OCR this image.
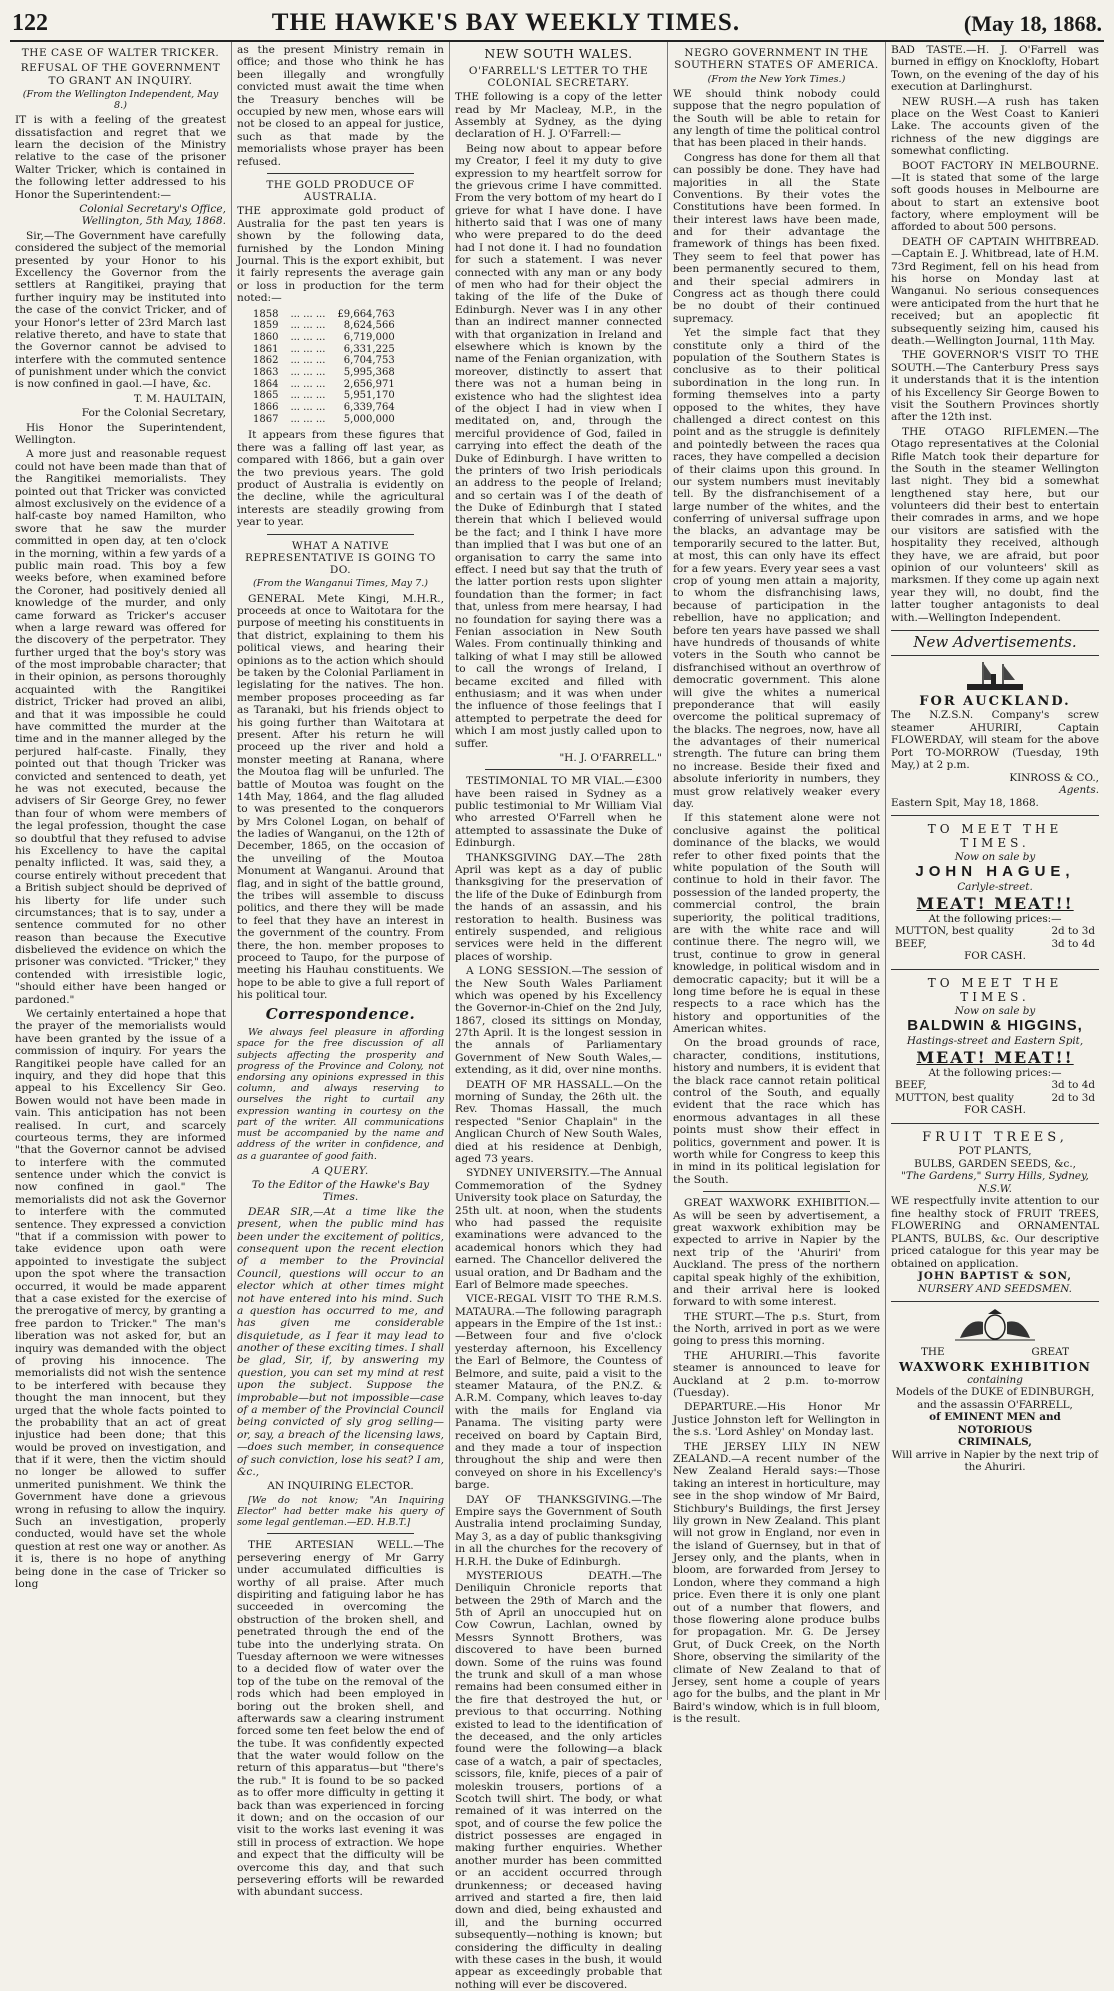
122	THE HAWKE'S BAY WEEKLY TIMES.	(May 18, 1868.
THE CASE OF WALTER TRICKER.
REFUSAL OF THE GOVERNMENT TO GRANT AN INQUIRY.
(From the Wellington Independent, May 8.)

IT is with a feeling of the greatest dissatisfaction and regret that we learn the decision of the Ministry relative to the case of the prisoner Walter Tricker, which is contained in the following letter addressed to his Honor the Superintendent:—

Colonial Secretary's Office, Wellington, 5th May, 1868.

Sir,—The Government have carefully considered the subject of the memorial presented by your Honor to his Excellency the Governor from the settlers at Rangitikei, praying that further inquiry may be instituted into the case of the convict Tricker, and of your Honor's letter of 23rd March last relative thereto, and have to state that the Governor cannot be advised to interfere with the commuted sentence of punishment under which the convict is now confined in gaol.—I have, &c.

T. M. HAULTAIN,

For the Colonial Secretary,

His Honor the Superintendent, Wellington.

A more just and reasonable request could not have been made than that of the Rangitikei memorialists. They pointed out that Tricker was convicted almost exclusively on the evidence of a half-caste boy named Hamilton, who swore that he saw the murder committed in open day, at ten o'clock in the morning, within a few yards of a public main road. This boy a few weeks before, when examined before the Coroner, had positively denied all knowledge of the murder, and only came forward as Tricker's accuser when a large reward was offered for the discovery of the perpetrator. They further urged that the boy's story was of the most improbable character; that in their opinion, as persons thoroughly acquainted with the Rangitikei district, Tricker had proved an alibi, and that it was impossible he could have committed the murder at the time and in the manner alleged by the perjured half-caste. Finally, they pointed out that though Tricker was convicted and sentenced to death, yet he was not executed, because the advisers of Sir George Grey, no fewer than four of whom were members of the legal profession, thought the case so doubtful that they refused to advise his Excellency to have the capital penalty inflicted. It was, said they, a course entirely without precedent that a British subject should be deprived of his liberty for life under such circumstances; that is to say, under a sentence commuted for no other reason than because the Executive disbelieved the evidence on which the prisoner was convicted. "Tricker," they contended with irresistible logic, "should either have been hanged or pardoned."

We certainly entertained a hope that the prayer of the memorialists would have been granted by the issue of a commission of inquiry. For years the Rangitikei people have called for an inquiry, and they did hope that this appeal to his Excellency Sir Geo. Bowen would not have been made in vain. This anticipation has not been realised. In curt, and scarcely courteous terms, they are informed "that the Governor cannot be advised to interfere with the commuted sentence under which the convict is now confined in gaol." The memorialists did not ask the Governor to interfere with the commuted sentence. They expressed a conviction "that if a commission with power to take evidence upon oath were appointed to investigate the subject upon the spot where the transaction occurred, it would be made apparent that a case existed for the exercise of the prerogative of mercy, by granting a free pardon to Tricker." The man's liberation was not asked for, but an inquiry was demanded with the object of proving his innocence. The memorialists did not wish the sentence to be interfered with because they thought the man innocent, but they urged that the whole facts pointed to the probability that an act of great injustice had been done; that this would be proved on investigation, and that if it were, then the victim should no longer be allowed to suffer unmerited punishment. We think the Government have done a grievous wrong in refusing to allow the inquiry. Such an investigation, properly conducted, would have set the whole question at rest one way or another. As it is, there is no hope of anything being done in the case of Tricker so long

as the present Ministry remain in office; and those who think he has been illegally and wrongfully convicted must await the time when the Treasury benches will be occupied by new men, whose ears will not be closed to an appeal for justice, such as that made by the memorialists whose prayer has been refused.

THE GOLD PRODUCE OF AUSTRALIA.

THE approximate gold product of Australia for the past ten years is shown by the following data, furnished by the London Mining Journal. This is the export exhibit, but it fairly represents the average gain or loss in production for the term noted:—

1858	... ... ...	£9,664,763
1859	... ... ...	8,624,566
1860	... ... ...	6,719,000
1861	... ... ...	6,331,225
1862	... ... ...	6,704,753
1863	... ... ...	5,995,368
1864	... ... ...	2,656,971
1865	... ... ...	5,951,170
1866	... ... ...	6,339,764
1867	... ... ...	5,000,000

It appears from these figures that there was a falling off last year, as compared with 1866, but a gain over the two previous years. The gold product of Australia is evidently on the decline, while the agricultural interests are steadily growing from year to year.

WHAT A NATIVE REPRESENTATIVE IS GOING TO DO.
(From the Wanganui Times, May 7.)

GENERAL Mete Kingi, M.H.R., proceeds at once to Waitotara for the purpose of meeting his constituents in that district, explaining to them his political views, and hearing their opinions as to the action which should be taken by the Colonial Parliament in legislating for the natives. The hon. member proposes proceeding as far as Taranaki, but his friends object to his going further than Waitotara at present. After his return he will proceed up the river and hold a monster meeting at Ranana, where the Moutoa flag will be unfurled. The battle of Moutoa was fought on the 14th May, 1864, and the flag alluded to was presented to the conquerors by Mrs Colonel Logan, on behalf of the ladies of Wanganui, on the 12th of December, 1865, on the occasion of the unveiling of the Moutoa Monument at Wanganui. Around that flag, and in sight of the battle ground, the tribes will assemble to discuss politics, and there they will be made to feel that they have an interest in the government of the country. From there, the hon. member proposes to proceed to Taupo, for the purpose of meeting his Hauhau constituents. We hope to be able to give a full report of his political tour.

Correspondence.

We always feel pleasure in affording space for the free discussion of all subjects affecting the prosperity and progress of the Province and Colony, not endorsing any opinions expressed in this column, and always reserving to ourselves the right to curtail any expression wanting in courtesy on the part of the writer. All communications must be accompanied by the name and address of the writer in confidence, and as a guarantee of good faith.

A QUERY.

To the Editor of the Hawke's Bay Times.

DEAR SIR,—At a time like the present, when the public mind has been under the excitement of politics, consequent upon the recent election of a member to the Provincial Council, questions will occur to an elector which at other times might not have entered into his mind. Such a question has occurred to me, and has given me considerable disquietude, as I fear it may lead to another of these exciting times. I shall be glad, Sir, if, by answering my question, you can set my mind at rest upon the subject. Suppose the improbable—but not impossible—case of a member of the Provincial Council being convicted of sly grog selling—or, say, a breach of the licensing laws,—does such member, in consequence of such conviction, lose his seat? I am, &c.,

AN INQUIRING ELECTOR.

[We do not know; "An Inquiring Elector" had better make his query of some legal gentleman.—ED. H.B.T.]

THE ARTESIAN WELL.—The persevering energy of Mr Garry under accumulated difficulties is worthy of all praise. After much dispiriting and fatiguing labor he has succeeded in overcoming the obstruction of the broken shell, and penetrated through the end of the tube into the underlying strata. On Tuesday afternoon we were witnesses to a decided flow of water over the top of the tube on the removal of the rods which had been employed in boring out the broken shell, and afterwards saw a clearing instrument forced some ten feet below the end of the tube. It was confidently expected that the water would follow on the return of this apparatus—but "there's the rub." It is found to be so packed as to offer more difficulty in getting it back than was experienced in forcing it down; and on the occasion of our visit to the works last evening it was still in process of extraction. We hope and expect that the difficulty will be overcome this day, and that such persevering efforts will be rewarded with abundant success.

NEW SOUTH WALES.
O'FARRELL'S LETTER TO THE COLONIAL SECRETARY.

THE following is a copy of the letter read by Mr Macleay, M.P., in the Assembly at Sydney, as the dying declaration of H. J. O'Farrell:—

Being now about to appear before my Creator, I feel it my duty to give expression to my heartfelt sorrow for the grievous crime I have committed. From the very bottom of my heart do I grieve for what I have done. I have hitherto said that I was one of many who were prepared to do the deed had I not done it. I had no foundation for such a statement. I was never connected with any man or any body of men who had for their object the taking of the life of the Duke of Edinburgh. Never was I in any other than an indirect manner connected with that organization in Ireland and elsewhere which is known by the name of the Fenian organization, with moreover, distinctly to assert that there was not a human being in existence who had the slightest idea of the object I had in view when I meditated on, and, through the merciful providence of God, failed in carrying into effect the death of the Duke of Edinburgh. I have written to the printers of two Irish periodicals an address to the people of Ireland; and so certain was I of the death of the Duke of Edinburgh that I stated therein that which I believed would be the fact; and I think I have more than implied that I was but one of an organisation to carry the same into effect. I need but say that the truth of the latter portion rests upon slighter foundation than the former; in fact that, unless from mere hearsay, I had no foundation for saying there was a Fenian association in New South Wales. From continually thinking and talking of what I may still be allowed to call the wrongs of Ireland, I became excited and filled with enthusiasm; and it was when under the influence of those feelings that I attempted to perpetrate the deed for which I am most justly called upon to suffer.

"H. J. O'FARRELL."

TESTIMONIAL TO MR VIAL.—£300 have been raised in Sydney as a public testimonial to Mr William Vial who arrested O'Farrell when he attempted to assassinate the Duke of Edinburgh.

THANKSGIVING DAY.—The 28th April was kept as a day of public thanksgiving for the preservation of the life of the Duke of Edinburgh from the hands of an assassin, and his restoration to health. Business was entirely suspended, and religious services were held in the different places of worship.

A LONG SESSION.—The session of the New South Wales Parliament which was opened by his Excellency the Governor-in-Chief on the 2nd July, 1867, closed its sittings on Monday, 27th April. It is the longest session in the annals of Parliamentary Government of New South Wales,—extending, as it did, over nine months.

DEATH OF MR HASSALL.—On the morning of Sunday, the 26th ult. the Rev. Thomas Hassall, the much respected "Senior Chaplain" in the Anglican Church of New South Wales, died at his residence at Denbigh, aged 73 years.

SYDNEY UNIVERSITY.—The Annual Commemoration of the Sydney University took place on Saturday, the 25th ult. at noon, when the students who had passed the requisite examinations were advanced to the academical honors which they had earned. The Chancellor delivered the usual oration, and Dr Badham and the Earl of Belmore made speeches.

VICE-REGAL VISIT TO THE R.M.S. MATAURA.—The following paragraph appears in the Empire of the 1st inst.:—Between four and five o'clock yesterday afternoon, his Excellency the Earl of Belmore, the Countess of Belmore, and suite, paid a visit to the steamer Mataura, of the P.N.Z. & A.R.M. Company, which leaves to-day with the mails for England via Panama. The visiting party were received on board by Captain Bird, and they made a tour of inspection throughout the ship and were then conveyed on shore in his Excellency's barge.

DAY OF THANKSGIVING.—The Empire says the Government of South Australia intend proclaiming Sunday, May 3, as a day of public thanksgiving in all the churches for the recovery of H.R.H. the Duke of Edinburgh.

MYSTERIOUS DEATH.—The Deniliquin Chronicle reports that between the 29th of March and the 5th of April an unoccupied hut on Cow Cowrun, Lachlan, owned by Messrs Synnott Brothers, was discovered to have been burned down. Some of the ruins was found the trunk and skull of a man whose remains had been consumed either in the fire that destroyed the hut, or previous to that occurring. Nothing existed to lead to the identification of the deceased, and the only articles found were the following—a black case of a watch, a pair of spectacles, scissors, file, knife, pieces of a pair of moleskin trousers, portions of a Scotch twill shirt. The body, or what remained of it was interred on the spot, and of course the few police the district possesses are engaged in making further enquiries. Whether another murder has been committed or an accident occurred through drunkenness; or deceased having arrived and started a fire, then laid down and died, being exhausted and ill, and the burning occurred subsequently—nothing is known; but considering the difficulty in dealing with these cases in the bush, it would appear as exceedingly probable that nothing will ever be discovered.

NEGRO GOVERNMENT IN THE SOUTHERN STATES OF AMERICA.
(From the New York Times.)

WE should think nobody could suppose that the negro population of the South will be able to retain for any length of time the political control that has been placed in their hands.

Congress has done for them all that can possibly be done. They have had majorities in all the State Conventions. By their votes the Constitutions have been formed. In their interest laws have been made, and for their advantage the framework of things has been fixed. They seem to feel that power has been permanently secured to them, and their special admirers in Congress act as though there could be no doubt of their continued supremacy.

Yet the simple fact that they constitute only a third of the population of the Southern States is conclusive as to their political subordination in the long run. In forming themselves into a party opposed to the whites, they have challenged a direct contest on this point and as the struggle is definitely and pointedly between the races qua races, they have compelled a decision of their claims upon this ground. In our system numbers must inevitably tell. By the disfranchisement of a large number of the whites, and the conferring of universal suffrage upon the blacks, an advantage may be temporarily secured to the latter. But, at most, this can only have its effect for a few years. Every year sees a vast crop of young men attain a majority, to whom the disfranchising laws, because of participation in the rebellion, have no application; and before ten years have passed we shall have hundreds of thousands of white voters in the South who cannot be disfranchised without an overthrow of democratic government. This alone will give the whites a numerical preponderance that will easily overcome the political supremacy of the blacks. The negroes, now, have all the advantages of their numerical strength. The future can bring them no increase. Beside their fixed and absolute inferiority in numbers, they must grow relatively weaker every day.

If this statement alone were not conclusive against the political dominance of the blacks, we would refer to other fixed points that the white population of the South will continue to hold in their favor. The possession of the landed property, the commercial control, the brain superiority, the political traditions, are with the white race and will continue there. The negro will, we trust, continue to grow in general knowledge, in political wisdom and in democratic capacity; but it will be a long time before he is equal in these respects to a race which has the history and opportunities of the American whites.

On the broad grounds of race, character, conditions, institutions, history and numbers, it is evident that the black race cannot retain political control of the South, and equally evident that the race which has enormous advantages in all these points must show their effect in politics, government and power. It is worth while for Congress to keep this in mind in its political legislation for the South.

GREAT WAXWORK EXHIBITION.—As will be seen by advertisement, a great waxwork exhibition may be expected to arrive in Napier by the next trip of the 'Ahuriri' from Auckland. The press of the northern capital speak highly of the exhibition, and their arrival here is looked forward to with some interest.

THE STURT.—The p.s. Sturt, from the North, arrived in port as we were going to press this morning.

THE AHURIRI.—This favorite steamer is announced to leave for Auckland at 2 p.m. to-morrow (Tuesday).

DEPARTURE.—His Honor Mr Justice Johnston left for Wellington in the s.s. 'Lord Ashley' on Monday last.

THE JERSEY LILY IN NEW ZEALAND.—A recent number of the New Zealand Herald says:—Those taking an interest in horticulture, may see in the shop window of Mr Baird, Stichbury's Buildings, the first Jersey lily grown in New Zealand. This plant will not grow in England, nor even in the island of Guernsey, but in that of Jersey only, and the plants, when in bloom, are forwarded from Jersey to London, where they command a high price. Even there it is only one plant out of a number that flowers, and those flowering alone produce bulbs for propagation. Mr. G. De Jersey Grut, of Duck Creek, on the North Shore, observing the similarity of the climate of New Zealand to that of Jersey, sent home a couple of years ago for the bulbs, and the plant in Mr Baird's window, which is in full bloom, is the result.

BAD TASTE.—H. J. O'Farrell was burned in effigy on Knocklofty, Hobart Town, on the evening of the day of his execution at Darlinghurst.

NEW RUSH.—A rush has taken place on the West Coast to Kanieri Lake. The accounts given of the richness of the new diggings are somewhat conflicting.

BOOT FACTORY IN MELBOURNE.—It is stated that some of the large soft goods houses in Melbourne are about to start an extensive boot factory, where employment will be afforded to about 500 persons.

DEATH OF CAPTAIN WHITBREAD.—Captain E. J. Whitbread, late of H.M. 73rd Regiment, fell on his head from his horse on Monday last at Wanganui. No serious consequences were anticipated from the hurt that he received; but an apoplectic fit subsequently seizing him, caused his death.—Wellington Journal, 11th May.

THE GOVERNOR'S VISIT TO THE SOUTH.—The Canterbury Press says it understands that it is the intention of his Excellency Sir George Bowen to visit the Southern Provinces shortly after the 12th inst.

THE OTAGO RIFLEMEN.—The Otago representatives at the Colonial Rifle Match took their departure for the South in the steamer Wellington last night. They bid a somewhat lengthened stay here, but our volunteers did their best to entertain their comrades in arms, and we hope our visitors are satisfied with the hospitality they received, although they have, we are afraid, but poor opinion of our volunteers' skill as marksmen. If they come up again next year they will, no doubt, find the latter tougher antagonists to deal with.—Wellington Independent.

New Advertisements.
FOR AUCKLAND.
The N.Z.S.N. Company's screw steamer AHURIRI, Captain FLOWERDAY, will steam for the above Port TO-MORROW (Tuesday, 19th May,) at 2 p.m.
KINROSS & CO.,
Agents.
Eastern Spit, May 18, 1868.
TO MEET THE TIMES.
Now on sale by
JOHN HAGUE,
Carlyle-street.
MEAT! MEAT!!
At the following prices:—
MUTTON, best quality	2d to 3d
BEEF,	3d to 4d
FOR CASH.
TO MEET THE TIMES.
Now on sale by
BALDWIN & HIGGINS,
Hastings-street and Eastern Spit,
MEAT! MEAT!!
At the following prices:—
BEEF,	3d to 4d
MUTTON, best quality	2d to 3d
FOR CASH.
FRUIT TREES,
POT PLANTS,
BULBS, GARDEN SEEDS, &c.,
"The Gardens," Surry Hills, Sydney, N.S.W.
WE respectfully invite attention to our fine healthy stock of FRUIT TREES, FLOWERING and ORNAMENTAL PLANTS, BULBS, &c. Our descriptive priced catalogue for this year may be obtained on application.
JOHN BAPTIST & SON,
NURSERY AND SEEDSMEN.
THE	GREAT
WAXWORK EXHIBITION
containing
Models of the DUKE of EDINBURGH,
and the assassin O'FARRELL,
of EMINENT MEN and NOTORIOUS
CRIMINALS,
Will arrive in Napier by the next trip of the Ahuriri.
